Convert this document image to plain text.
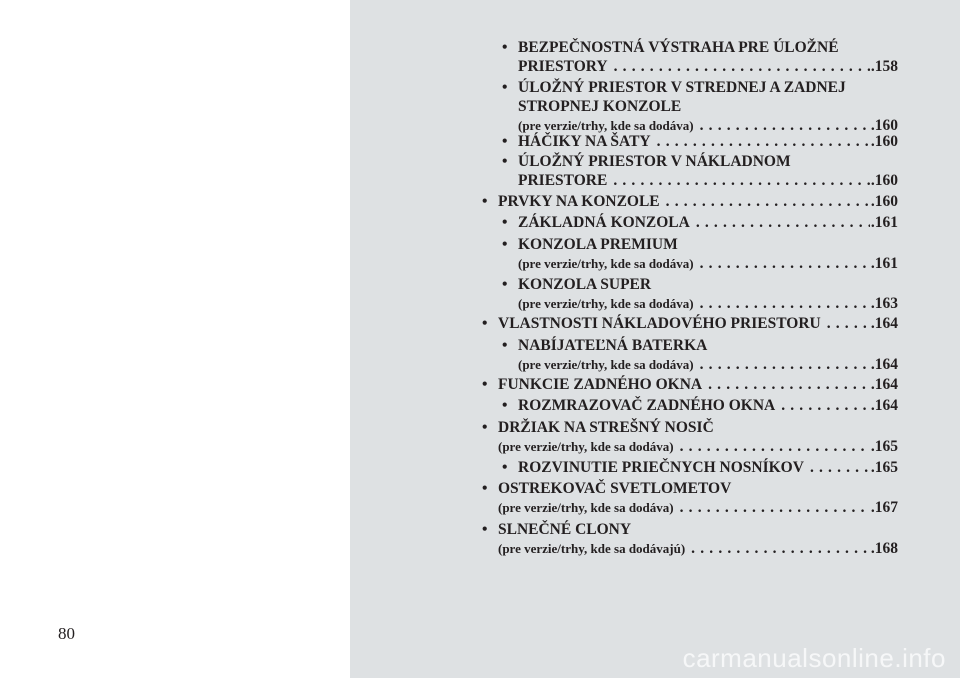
80
• BEZPEČNOSTNÁ VÝSTRAHA PRE ÚLOŽNÉ
PRIESTORY . . .	.158
• ÚLOŽNÝ PRIESTOR V STREDNEJ A ZADNEJ
STROPNEJ KONZOLE
(pre verzie/trhy, kde sa dodáva) . . .	.160
• HÁČIKY NA ŠATY . . .	.160
• ÚLOŽNÝ PRIESTOR V NÁKLADNOM
PRIESTORE . . .	.160
• PRVKY NA KONZOLE . . .	.160
• ZÁKLADNÁ KONZOLA . . .	.161
• KONZOLA PREMIUM
(pre verzie/trhy, kde sa dodáva) . . .	.161
• KONZOLA SUPER
(pre verzie/trhy, kde sa dodáva) . . .	.163
• VLASTNOSTI NÁKLADOVÉHO PRIESTORU . . .	.164
• NABÍJATEĽNÁ BATERKA
(pre verzie/trhy, kde sa dodáva) . . .	.164
• FUNKCIE ZADNÉHO OKNA . . .	.164
• ROZMRAZOVAČ ZADNÉHO OKNA . . .	.164
• DRŽIAK NA STREŠNÝ NOSIČ
(pre verzie/trhy, kde sa dodáva) . . .	.165
• ROZVINUTIE PRIEČNYCH NOSNÍKOV . . .	.165
• OSTREKOVAČ SVETLOMETOV
(pre verzie/trhy, kde sa dodáva) . . .	.167
• SLNEČNÉ CLONY
(pre verzie/trhy, kde sa dodávajú) . . .	.168
carmanualsonline.info
